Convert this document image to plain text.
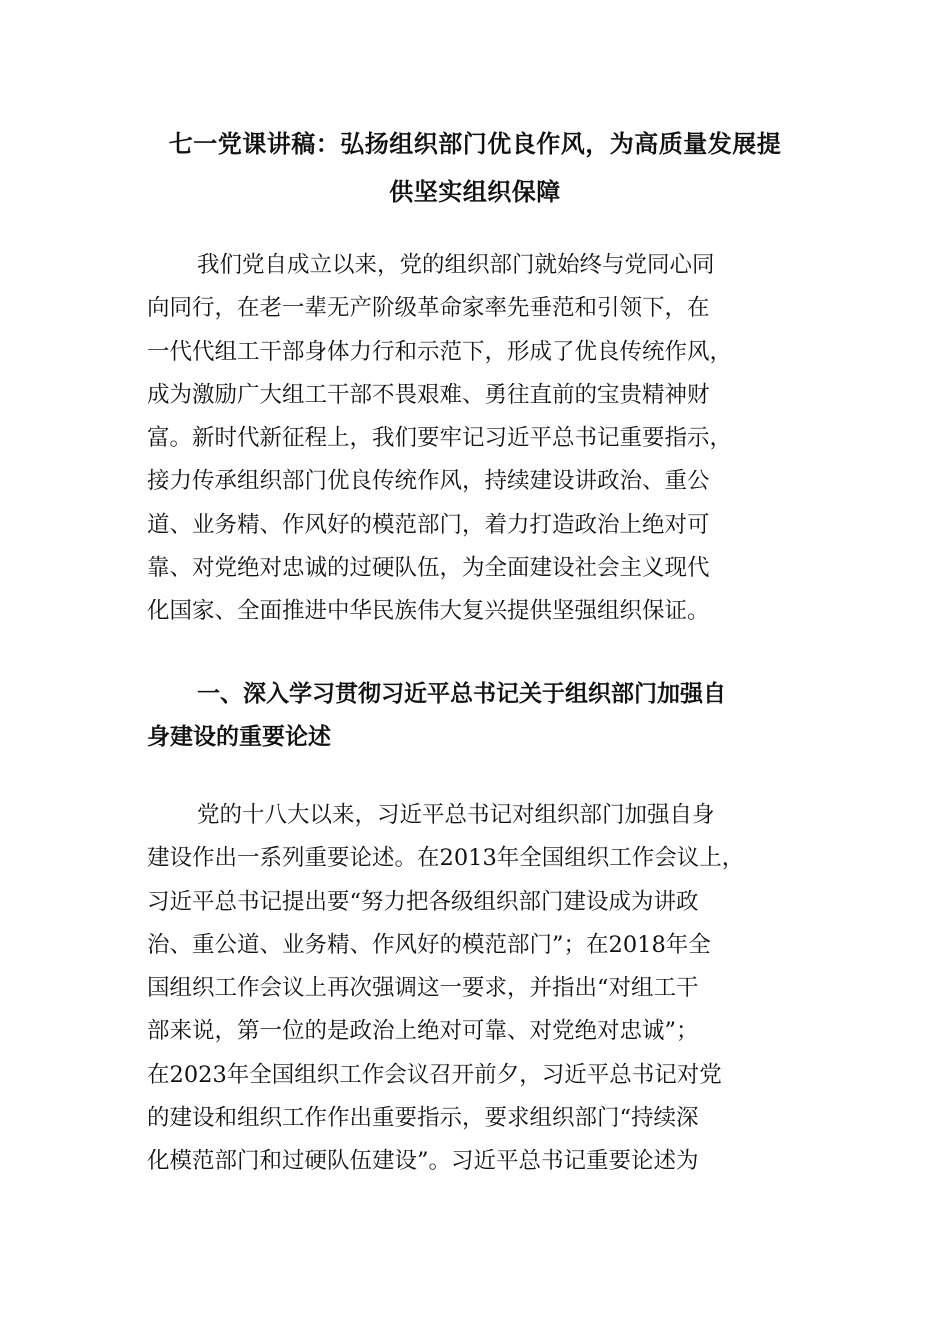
七一党课讲稿：弘扬组织部门优良作风，为高质量发展提
供坚实组织保障
我们党自成立以来，党的组织部门就始终与党同心同
向同行，在老一辈无产阶级革命家率先垂范和引领下，在
一代代组工干部身体力行和示范下，形成了优良传统作风，
成为激励广大组工干部不畏艰难、勇往直前的宝贵精神财
富。新时代新征程上，我们要牢记习近平总书记重要指示，
接力传承组织部门优良传统作风，持续建设讲政治、重公
道、业务精、作风好的模范部门，着力打造政治上绝对可
靠、对党绝对忠诚的过硬队伍，为全面建设社会主义现代
化国家、全面推进中华民族伟大复兴提供坚强组织保证。
一、深入学习贯彻习近平总书记关于组织部门加强自
身建设的重要论述
党的十八大以来，习近平总书记对组织部门加强自身
建设作出一系列重要论述。在2013年全国组织工作会议上，
习近平总书记提出要“努力把各级组织部门建设成为讲政
治、重公道、业务精、作风好的模范部门”；在2018年全
国组织工作会议上再次强调这一要求，并指出“对组工干
部来说，第一位的是政治上绝对可靠、对党绝对忠诚”；
在2023年全国组织工作会议召开前夕，习近平总书记对党
的建设和组织工作作出重要指示，要求组织部门“持续深
化模范部门和过硬队伍建设”。习近平总书记重要论述为
